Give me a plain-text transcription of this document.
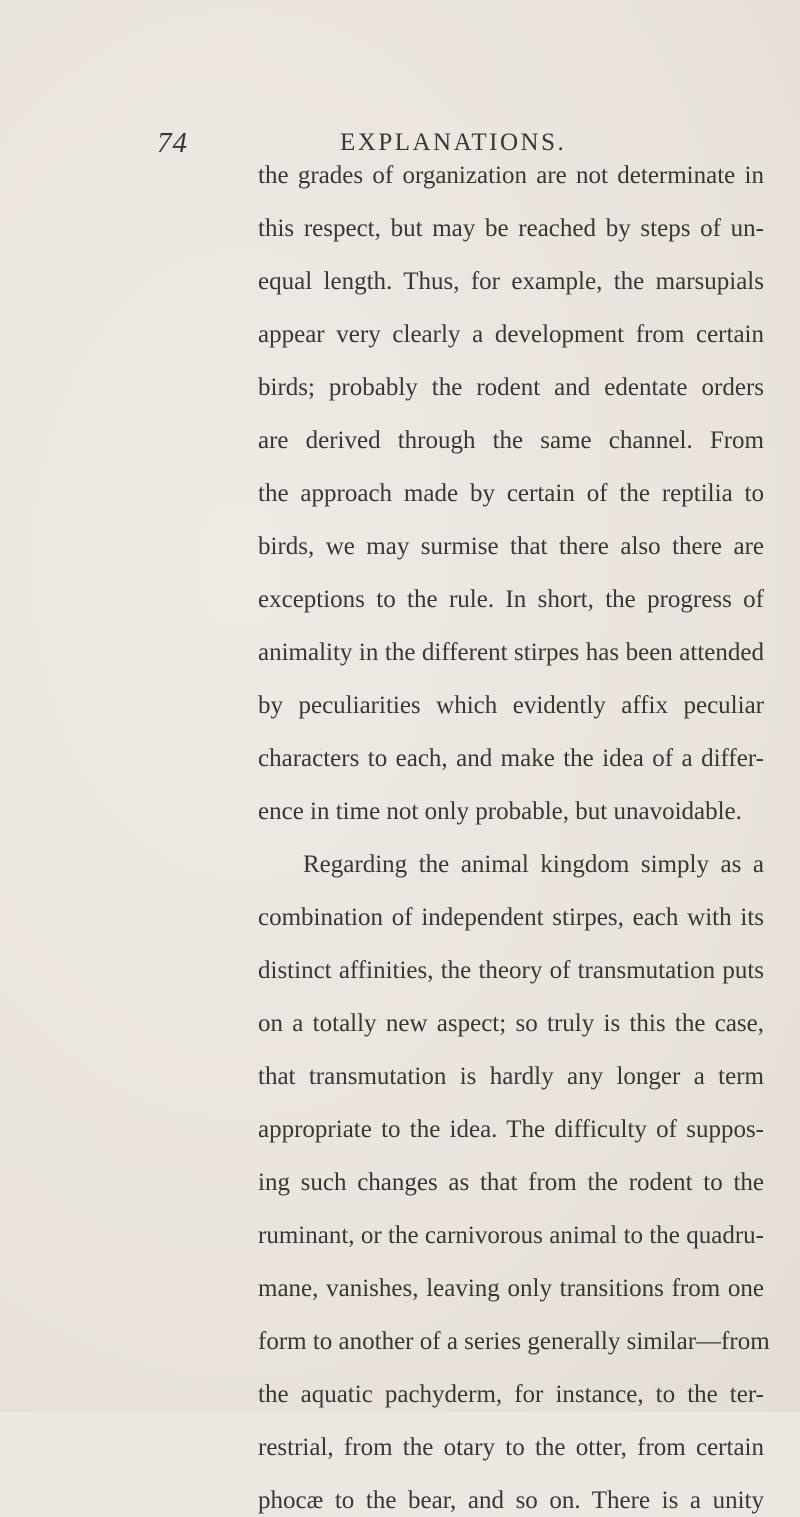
74	EXPLANATIONS.
the grades of organization are not determinate in
this respect, but may be reached by steps of un-
equal length. Thus, for example, the marsupials
appear very clearly a development from certain
birds; probably the rodent and edentate orders
are derived through the same channel. From
the approach made by certain of the reptilia to
birds, we may surmise that there also there are
exceptions to the rule. In short, the progress of
animality in the different stirpes has been attended
by peculiarities which evidently affix peculiar
characters to each, and make the idea of a differ-
ence in time not only probable, but unavoidable.
Regarding the animal kingdom simply as a
combination of independent stirpes, each with its
distinct affinities, the theory of transmutation puts
on a totally new aspect; so truly is this the case,
that transmutation is hardly any longer a term
appropriate to the idea. The difficulty of suppos-
ing such changes as that from the rodent to the
ruminant, or the carnivorous animal to the quadru-
mane, vanishes, leaving only transitions from one
form to another of a series generally similar—from
the aquatic pachyderm, for instance, to the ter-
restrial, from the otary to the otter, from certain
phocæ to the bear, and so on. There is a unity
